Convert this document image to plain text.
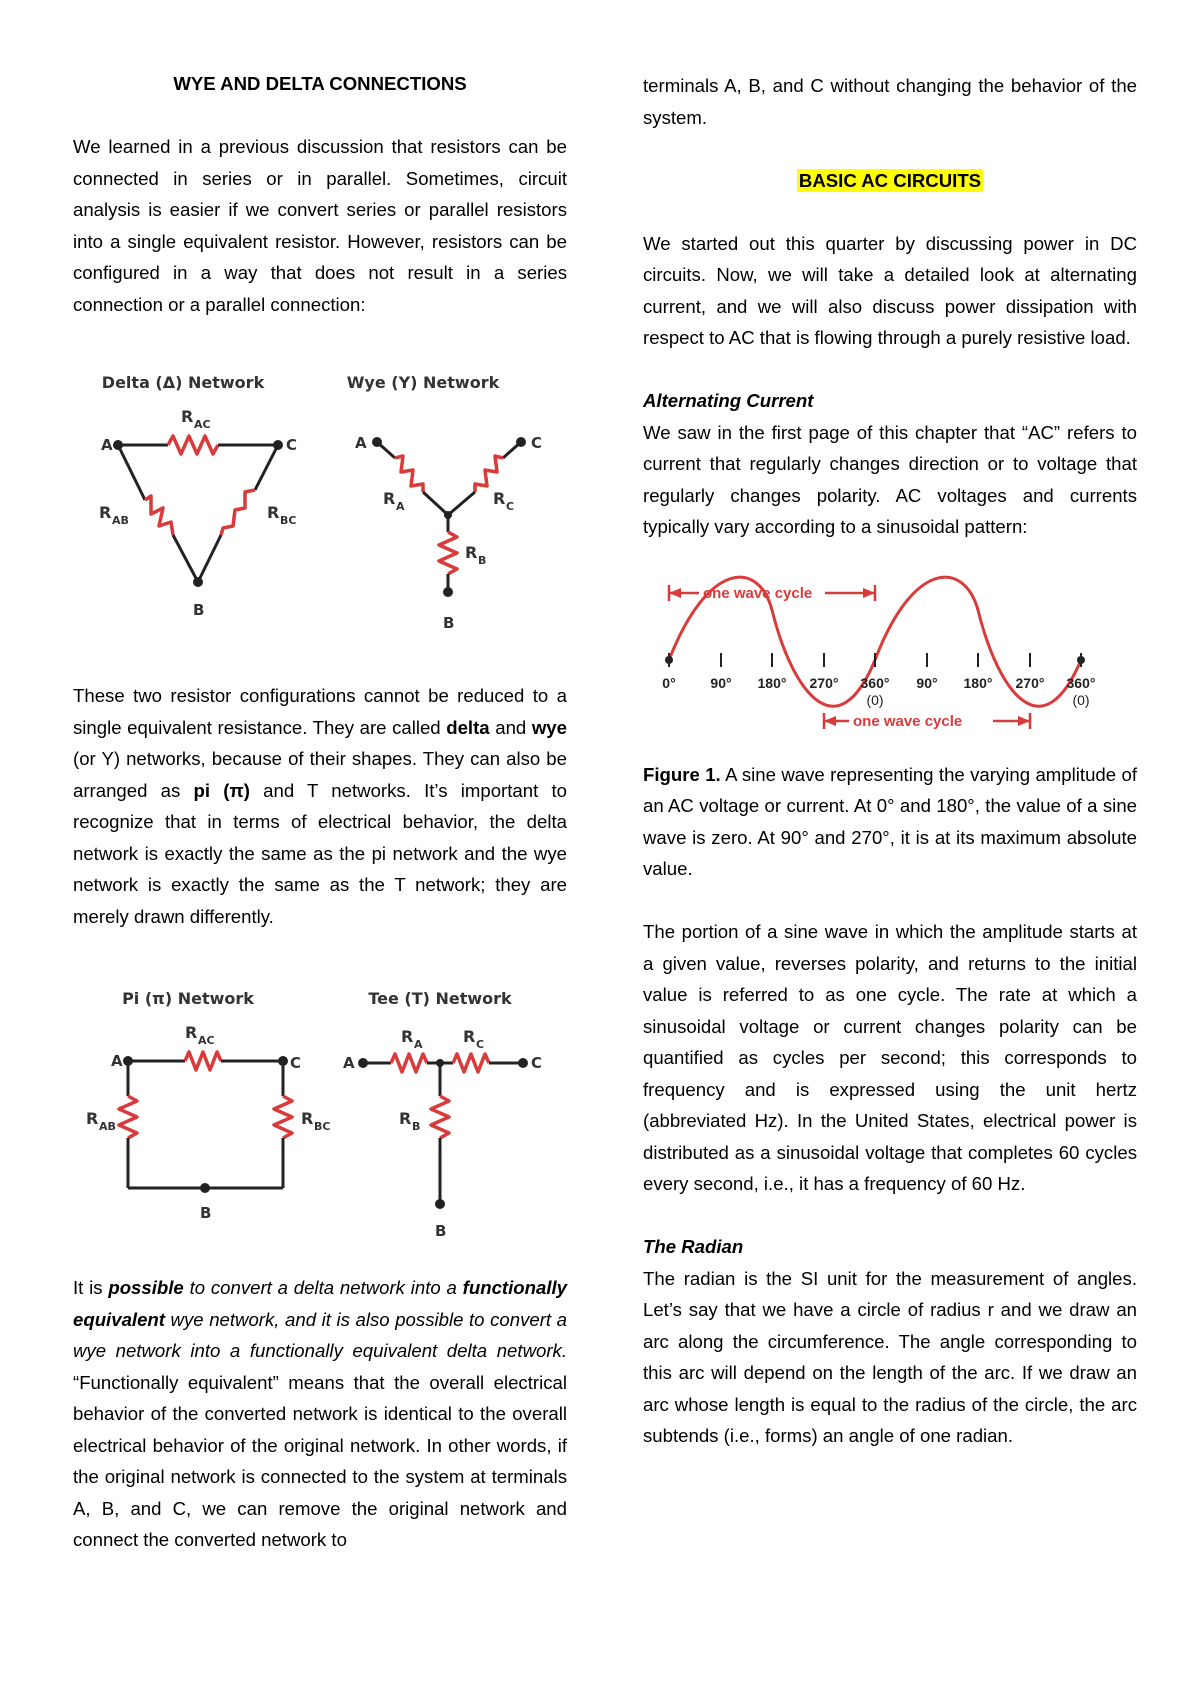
WYE AND DELTA CONNECTIONS

We learned in a previous discussion that resistors can be connected in series or in parallel. Sometimes, circuit analysis is easier if we convert series or parallel resistors into a single equivalent resistor. However, resistors can be configured in a way that does not result in a series connection or a parallel connection:

Delta (Δ) Network	Wye (Y) Network
A	C
B
R AC
R AB	R BC
A	C
B
R A	R C
R B

These two resistor configurations cannot be reduced to a single equivalent resistance. They are called delta and wye (or Y) networks, because of their shapes. They can also be arranged as pi (π) and T networks. It’s important to recognize that in terms of electrical behavior, the delta network is exactly the same as the pi network and the wye network is exactly the same as the T network; they are merely drawn differently.

Pi (π) Network	Tee (T) Network
A	C
B
R AC
R AB	R BC
A	C
B
R A	R C
R B

It is possible to convert a delta network into a functionally equivalent wye network, and it is also possible to convert a wye network into a functionally equivalent delta network. “Functionally equivalent” means that the overall electrical behavior of the converted network is identical to the overall electrical behavior of the original network. In other words, if the original network is connected to the system at terminals A, B, and C, we can remove the original network and connect the converted network to

terminals A, B, and C without changing the behavior of the system.

BASIC AC CIRCUITS

We started out this quarter by discussing power in DC circuits. Now, we will take a detailed look at alternating current, and we will also discuss power dissipation with respect to AC that is flowing through a purely resistive load.

Alternating Current

We saw in the first page of this chapter that “AC” refers to current that regularly changes direction or to voltage that regularly changes polarity. AC voltages and currents typically vary according to a sinusoidal pattern:

one wave cycle
0° 90° 180° 270° 360° 90° 180° 270° 360°
(0)	(0)
one wave cycle

Figure 1. A sine wave representing the varying amplitude of an AC voltage or current. At 0° and 180°, the value of a sine wave is zero. At 90° and 270°, it is at its maximum absolute value.

The portion of a sine wave in which the amplitude starts at a given value, reverses polarity, and returns to the initial value is referred to as one cycle. The rate at which a sinusoidal voltage or current changes polarity can be quantified as cycles per second; this corresponds to frequency and is expressed using the unit hertz (abbreviated Hz). In the United States, electrical power is distributed as a sinusoidal voltage that completes 60 cycles every second, i.e., it has a frequency of 60 Hz.

The Radian

The radian is the SI unit for the measurement of angles. Let’s say that we have a circle of radius r and we draw an arc along the circumference. The angle corresponding to this arc will depend on the length of the arc. If we draw an arc whose length is equal to the radius of the circle, the arc subtends (i.e., forms) an angle of one radian.
